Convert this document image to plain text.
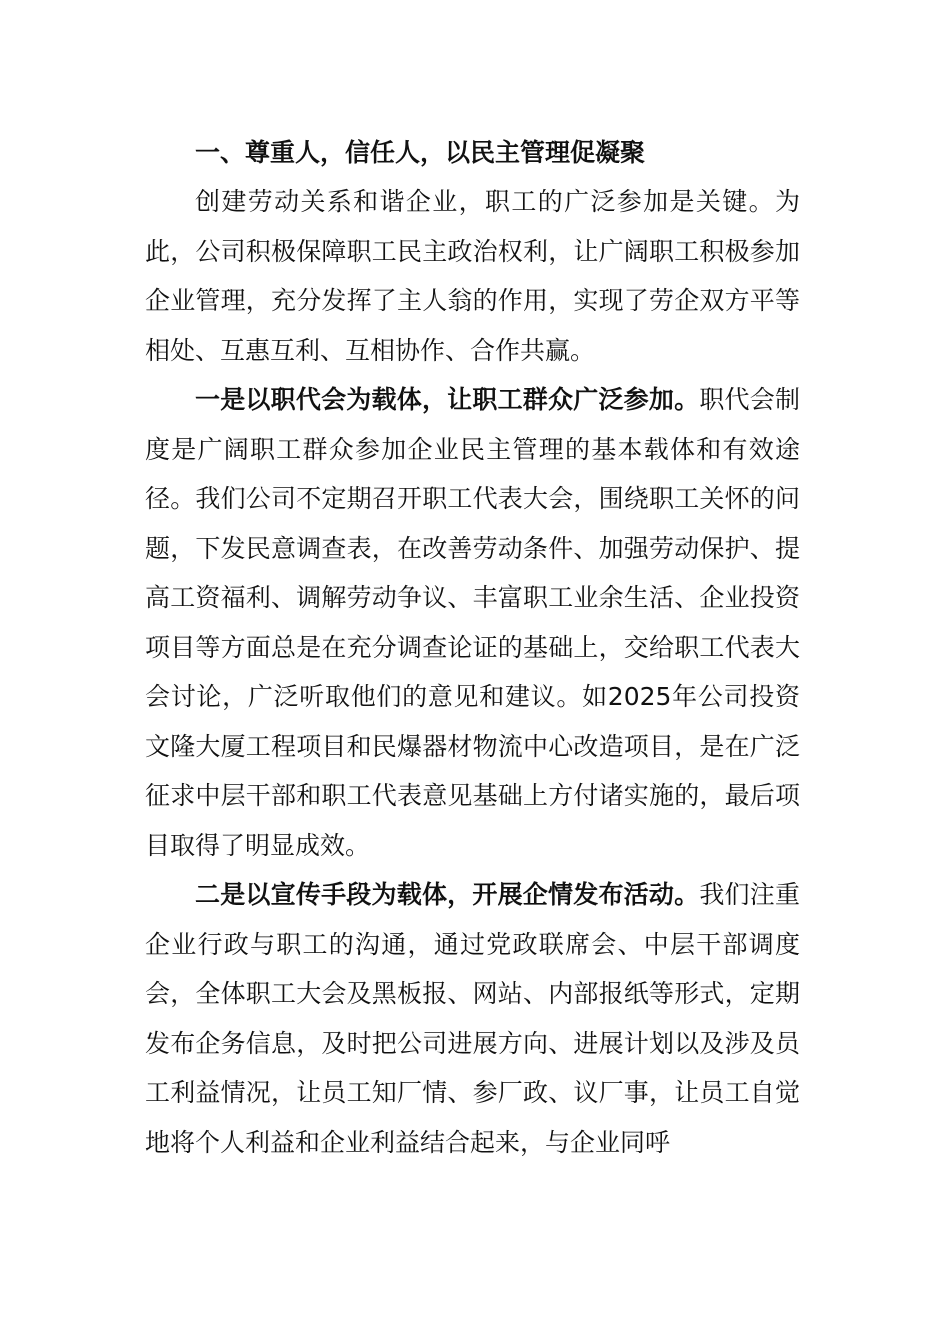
一、尊重人，信任人，以民主管理促凝聚

创建劳动关系和谐企业，职工的广泛参加是关键。为此，公司积极保障职工民主政治权利，让广阔职工积极参加企业管理，充分发挥了主人翁的作用，实现了劳企双方平等相处、互惠互利、互相协作、合作共赢。

一是以职代会为载体，让职工群众广泛参加。职代会制度是广阔职工群众参加企业民主管理的基本载体和有效途径。我们公司不定期召开职工代表大会，围绕职工关怀的问题，下发民意调查表，在改善劳动条件、加强劳动保护、提高工资福利、调解劳动争议、丰富职工业余生活、企业投资项目等方面总是在充分调查论证的基础上，交给职工代表大会讨论，广泛听取他们的意见和建议。如2025年公司投资文隆大厦工程项目和民爆器材物流中心改造项目，是在广泛征求中层干部和职工代表意见基础上方付诸实施的，最后项目取得了明显成效。

二是以宣传手段为载体，开展企情发布活动。我们注重企业行政与职工的沟通，通过党政联席会、中层干部调度会，全体职工大会及黑板报、网站、内部报纸等形式，定期发布企务信息，及时把公司进展方向、进展计划以及涉及员工利益情况，让员工知厂情、参厂政、议厂事，让员工自觉地将个人利益和企业利益结合起来，与企业同呼
